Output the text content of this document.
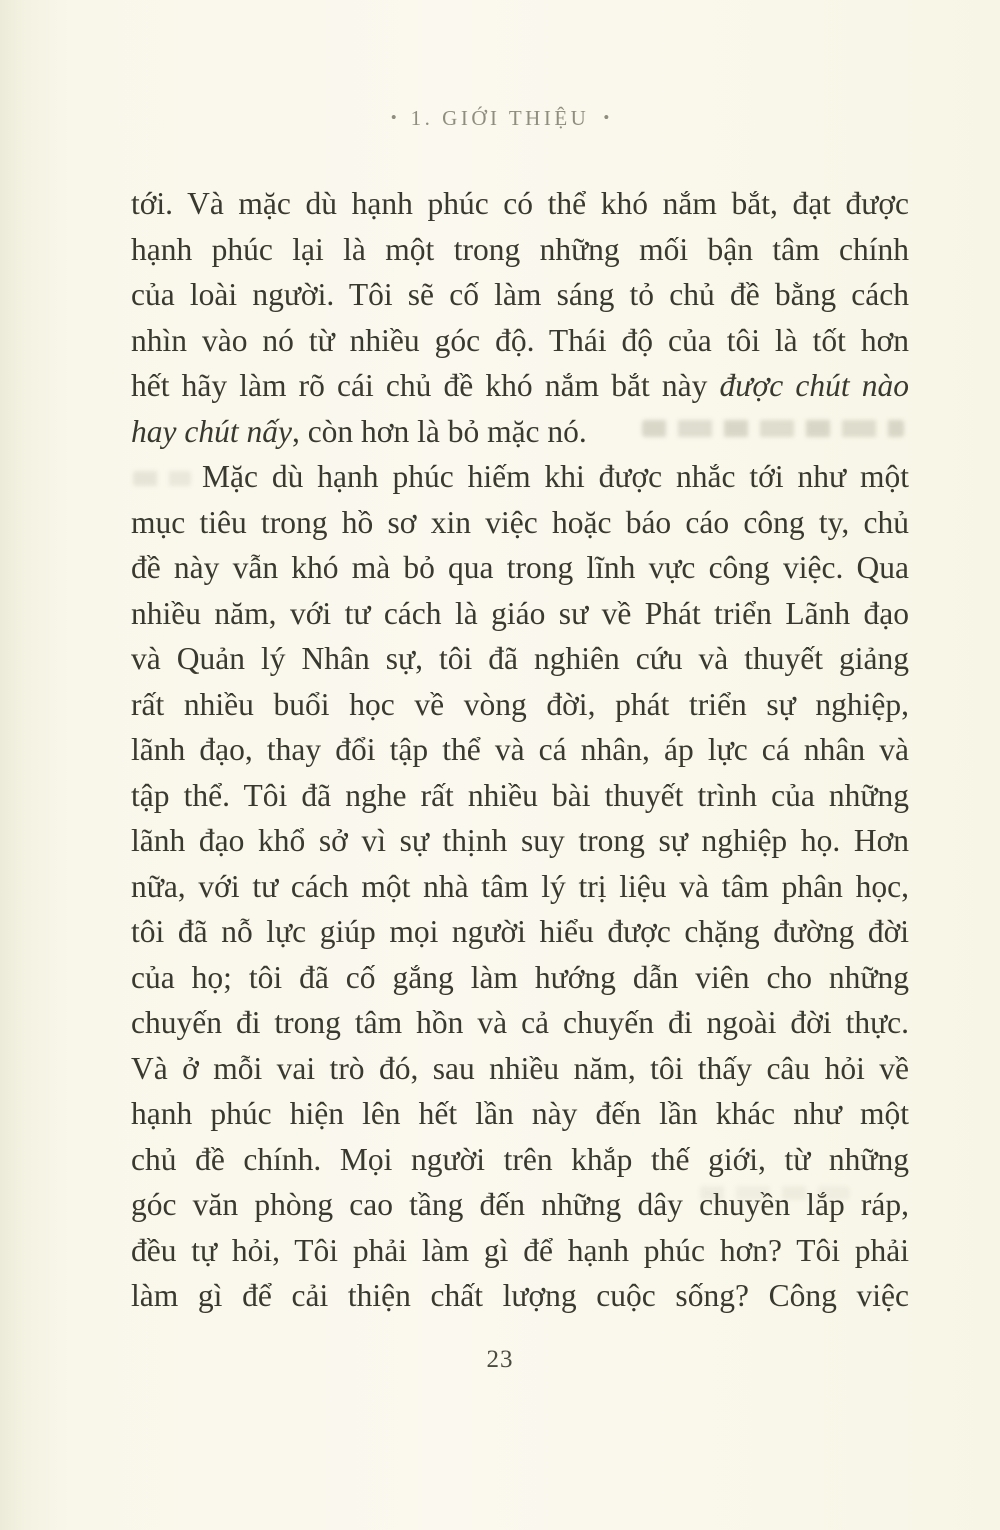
• 1. GIỚI THIỆU •
tới. Và mặc dù hạnh phúc có thể khó nắm bắt, đạt được
hạnh phúc lại là một trong những mối bận tâm chính
của loài người. Tôi sẽ cố làm sáng tỏ chủ đề bằng cách
nhìn vào nó từ nhiều góc độ. Thái độ của tôi là tốt hơn
hết hãy làm rõ cái chủ đề khó nắm bắt này được chút nào
hay chút nấy, còn hơn là bỏ mặc nó.
Mặc dù hạnh phúc hiếm khi được nhắc tới như một
mục tiêu trong hồ sơ xin việc hoặc báo cáo công ty, chủ
đề này vẫn khó mà bỏ qua trong lĩnh vực công việc. Qua
nhiều năm, với tư cách là giáo sư về Phát triển Lãnh đạo
và Quản lý Nhân sự, tôi đã nghiên cứu và thuyết giảng
rất nhiều buổi học về vòng đời, phát triển sự nghiệp,
lãnh đạo, thay đổi tập thể và cá nhân, áp lực cá nhân và
tập thể. Tôi đã nghe rất nhiều bài thuyết trình của những
lãnh đạo khổ sở vì sự thịnh suy trong sự nghiệp họ. Hơn
nữa, với tư cách một nhà tâm lý trị liệu và tâm phân học,
tôi đã nỗ lực giúp mọi người hiểu được chặng đường đời
của họ; tôi đã cố gắng làm hướng dẫn viên cho những
chuyến đi trong tâm hồn và cả chuyến đi ngoài đời thực.
Và ở mỗi vai trò đó, sau nhiều năm, tôi thấy câu hỏi về
hạnh phúc hiện lên hết lần này đến lần khác như một
chủ đề chính. Mọi người trên khắp thế giới, từ những
góc văn phòng cao tầng đến những dây chuyền lắp ráp,
đều tự hỏi, Tôi phải làm gì để hạnh phúc hơn? Tôi phải
làm gì để cải thiện chất lượng cuộc sống? Công việc
23
